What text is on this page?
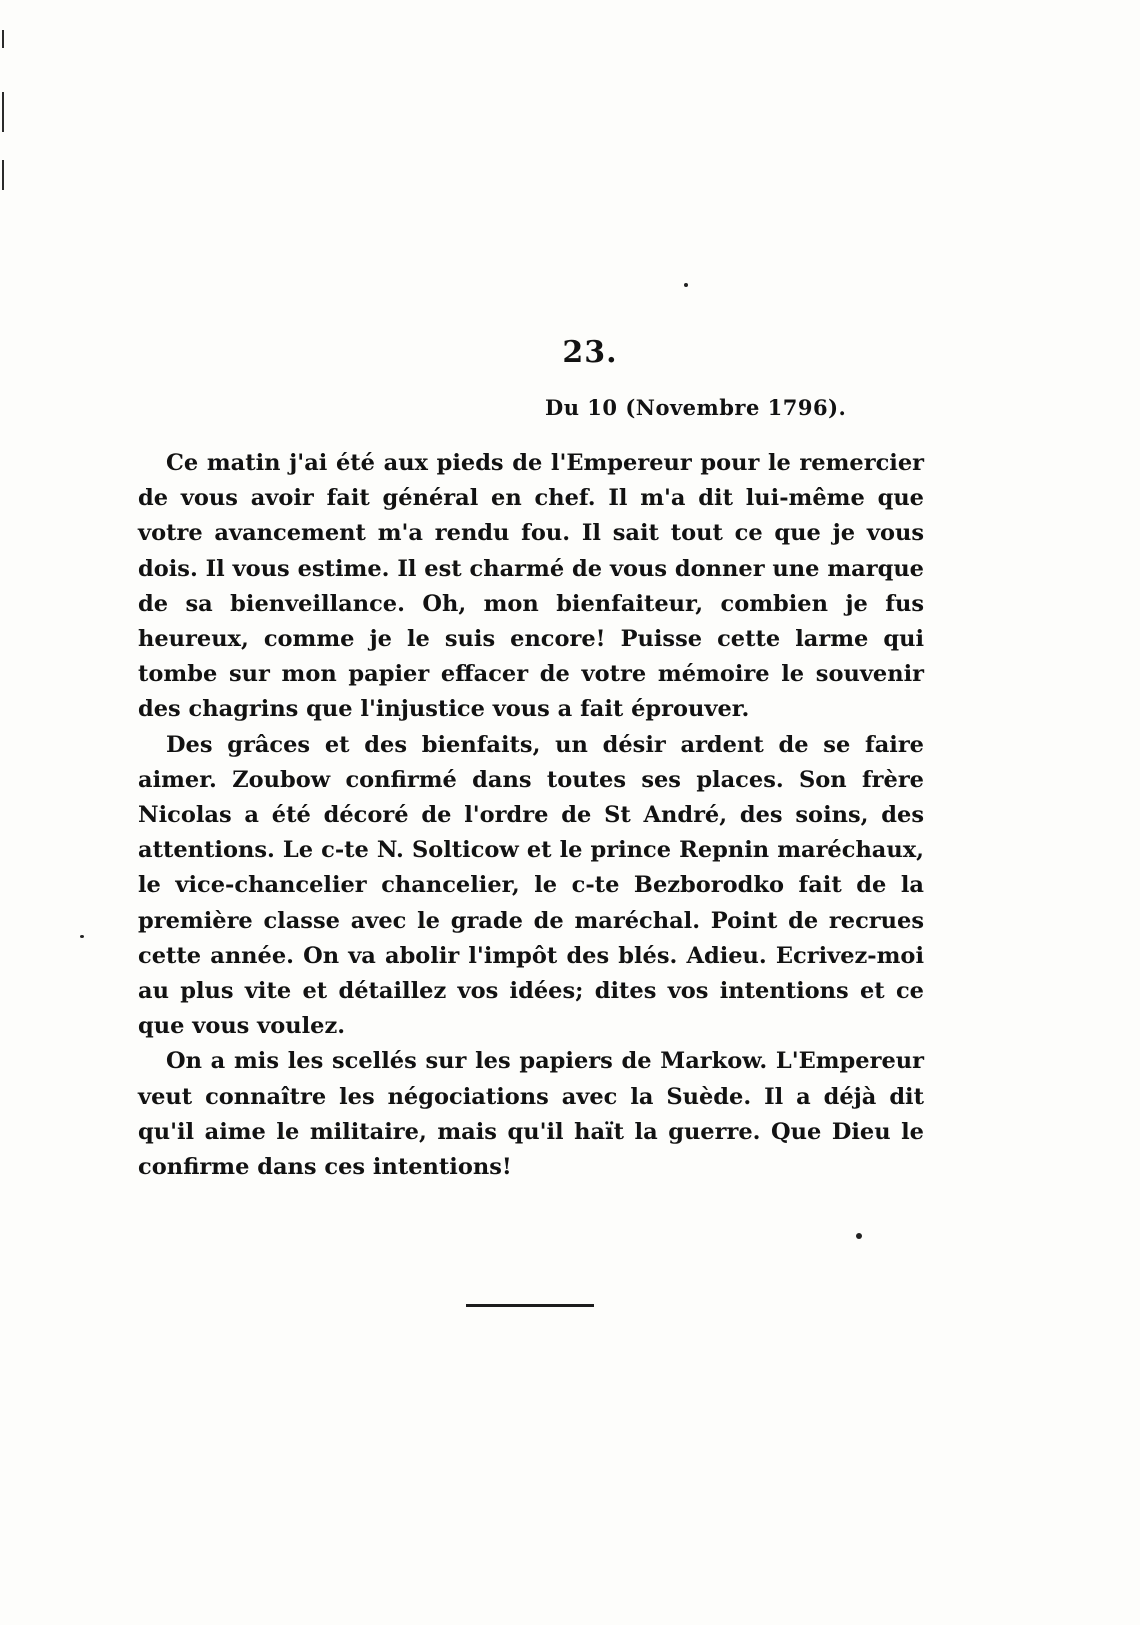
23.
Du 10 (Novembre 1796).

Ce matin j'ai été aux pieds de l'Empereur pour le remercier de vous avoir fait général en chef. Il m'a dit lui-même que votre avancement m'a rendu fou. Il sait tout ce que je vous dois. Il vous estime. Il est charmé de vous donner une marque de sa bienveillance. Oh, mon bienfaiteur, combien je fus heureux, comme je le suis encore! Puisse cette larme qui tombe sur mon papier effacer de votre mémoire le souvenir des chagrins que l'injustice vous a fait éprouver.

Des grâces et des bienfaits, un désir ardent de se faire aimer. Zoubow confirmé dans toutes ses places. Son frère Nicolas a été décoré de l'ordre de St André, des soins, des attentions. Le c-te N. Solticow et le prince Repnin maréchaux, le vice-chancelier chancelier, le c-te Bezborodko fait de la première classe avec le grade de maréchal. Point de recrues cette année. On va abolir l'impôt des blés. Adieu. Ecrivez-moi au plus vite et détaillez vos idées; dites vos intentions et ce que vous voulez.

On a mis les scellés sur les papiers de Markow. L'Empereur veut connaître les négociations avec la Suède. Il a déjà dit qu'il aime le militaire, mais qu'il haït la guerre. Que Dieu le confirme dans ces intentions!
